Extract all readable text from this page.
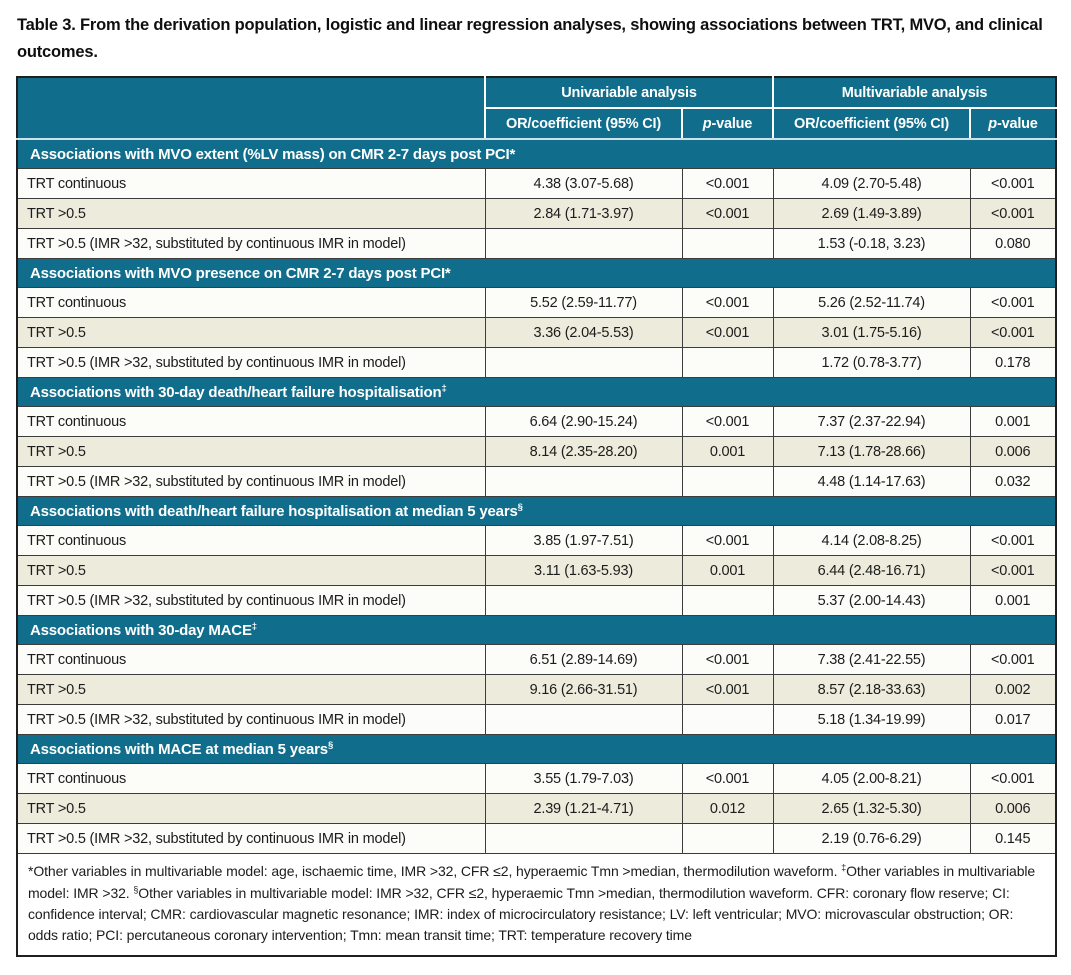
Table 3. From the derivation population, logistic and linear regression analyses, showing associations between TRT, MVO, and clinical outcomes.
	Univariable analysis		Multivariable analysis	
	OR/coefficient (95% CI)	p-value	OR/coefficient (95% CI)	p-value
Associations with MVO extent (%LV mass) on CMR 2-7 days post PCI*				
TRT continuous	4.38 (3.07-5.68)	<0.001	4.09 (2.70-5.48)	<0.001
TRT >0.5	2.84 (1.71-3.97)	<0.001	2.69 (1.49-3.89)	<0.001
TRT >0.5 (IMR >32, substituted by continuous IMR in model)			1.53 (-0.18, 3.23)	0.080
Associations with MVO presence on CMR 2-7 days post PCI*				
TRT continuous	5.52 (2.59-11.77)	<0.001	5.26 (2.52-11.74)	<0.001
TRT >0.5	3.36 (2.04-5.53)	<0.001	3.01 (1.75-5.16)	<0.001
TRT >0.5 (IMR >32, substituted by continuous IMR in model)			1.72 (0.78-3.77)	0.178
Associations with 30-day death/heart failure hospitalisation‡
TRT continuous	6.64 (2.90-15.24)	<0.001	7.37 (2.37-22.94)	0.001
TRT >0.5	8.14 (2.35-28.20)	0.001	7.13 (1.78-28.66)	0.006
TRT >0.5 (IMR >32, substituted by continuous IMR in model)			4.48 (1.14-17.63)	0.032
Associations with death/heart failure hospitalisation at median 5 years§
TRT continuous	3.85 (1.97-7.51)	<0.001	4.14 (2.08-8.25)	<0.001
TRT >0.5	3.11 (1.63-5.93)	0.001	6.44 (2.48-16.71)	<0.001
TRT >0.5 (IMR >32, substituted by continuous IMR in model)			5.37 (2.00-14.43)	0.001
Associations with 30-day MACE‡
TRT continuous	6.51 (2.89-14.69)	<0.001	7.38 (2.41-22.55)	<0.001
TRT >0.5	9.16 (2.66-31.51)	<0.001	8.57 (2.18-33.63)	0.002
TRT >0.5 (IMR >32, substituted by continuous IMR in model)			5.18 (1.34-19.99)	0.017
Associations with MACE at median 5 years§
TRT continuous	3.55 (1.79-7.03)	<0.001	4.05 (2.00-8.21)	<0.001
TRT >0.5	2.39 (1.21-4.71)	0.012	2.65 (1.32-5.30)	0.006
TRT >0.5 (IMR >32, substituted by continuous IMR in model)			2.19 (0.76-6.29)	0.145
*Other variables in multivariable model: age, ischaemic time, IMR >32, CFR ≤2, hyperaemic Tmn >median, thermodilution waveform. ‡Other variables in multivariable model: IMR >32. §Other variables in multivariable model: IMR >32, CFR ≤2, hyperaemic Tmn >median, thermodilution waveform. CFR: coronary flow reserve; CI: confidence interval; CMR: cardiovascular magnetic resonance; IMR: index of microcirculatory resistance; LV: left ventricular; MVO: microvascular obstruction; OR: odds ratio; PCI: percutaneous coronary intervention; Tmn: mean transit time; TRT: temperature recovery time				
